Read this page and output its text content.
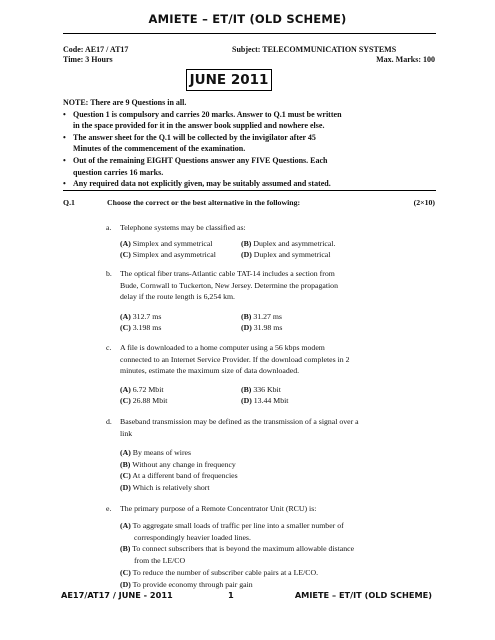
AMIETE – ET/IT (OLD SCHEME)
Code: AE17 / AT17	Subject: TELECOMMUNICATION SYSTEMS
Time: 3 Hours	Max. Marks: 100
JUNE 2011
NOTE: There are 9 Questions in all.
• Question 1 is compulsory and carries 20 marks. Answer to Q.1 must be written
in the space provided for it in the answer book supplied and nowhere else.
• The answer sheet for the Q.1 will be collected by the invigilator after 45
Minutes of the commencement of the examination.
• Out of the remaining EIGHT Questions answer any FIVE Questions. Each
question carries 16 marks.
• Any required data not explicitly given, may be suitably assumed and stated.
Q.1	Choose the correct or the best alternative in the following:	(2×10)
a. Telephone systems may be classified as:
(A) Simplex and symmetrical	(B) Duplex and asymmetrical.
(C) Simplex and asymmetrical	(D) Duplex and symmetrical
b. The optical fiber trans-Atlantic cable TAT-14 includes a section from
Bude, Cornwall to Tuckerton, New Jersey. Determine the propagation
delay if the route length is 6,254 km.
(A) 312.7 ms	(B) 31.27 ms
(C) 3.198 ms	(D) 31.98 ms
c. A file is downloaded to a home computer using a 56 kbps modem
connected to an Internet Service Provider. If the download completes in 2
minutes, estimate the maximum size of data downloaded.
(A) 6.72 Mbit	(B) 336 Kbit
(C) 26.88 Mbit	(D) 13.44 Mbit
d. Baseband transmission may be defined as the transmission of a signal over a
link
(A) By means of wires
(B) Without any change in frequency
(C) At a different band of frequencies
(D) Which is relatively short
e. The primary purpose of a Remote Concentrator Unit (RCU) is:
(A) To aggregate small loads of traffic per line into a smaller number of
correspondingly heavier loaded lines.
(B) To connect subscribers that is beyond the maximum allowable distance
from the LE/CO
(C) To reduce the number of subscriber cable pairs at a LE/CO.
(D) To provide economy through pair gain
AE17/AT17 / JUNE - 2011	1	AMIETE – ET/IT (OLD SCHEME)
